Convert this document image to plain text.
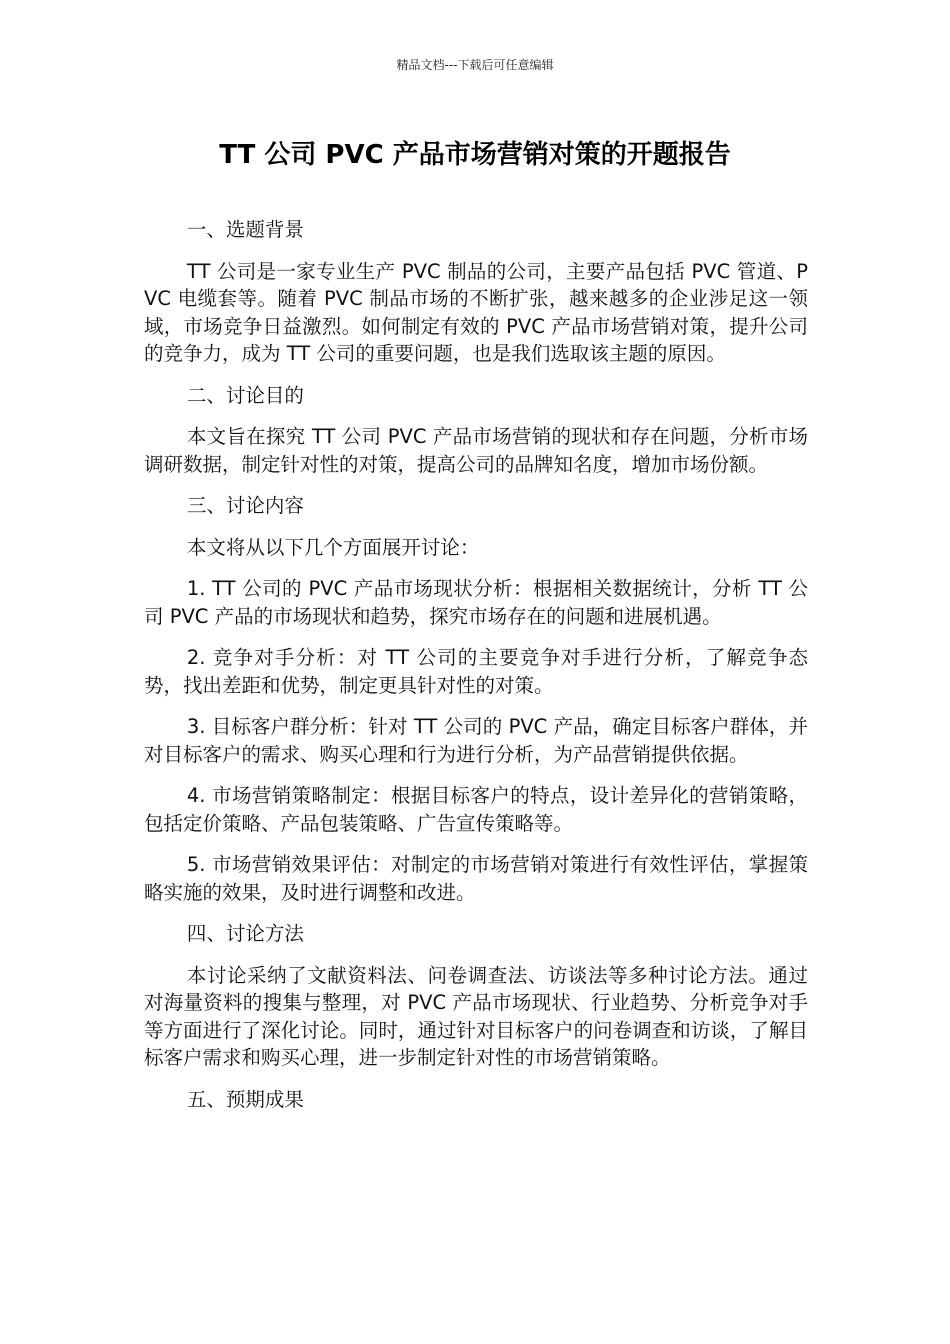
精品文档---下载后可任意编辑
TT 公司 PVC 产品市场营销对策的开题报告

一、选题背景

TT 公司是一家专业生产 PVC 制品的公司，主要产品包括 PVC 管道、PVC 电缆套等。随着 PVC 制品市场的不断扩张，越来越多的企业涉足这一领域，市场竞争日益激烈。如何制定有效的 PVC 产品市场营销对策，提升公司的竞争力，成为 TT 公司的重要问题，也是我们选取该主题的原因。

二、讨论目的

本文旨在探究 TT 公司 PVC 产品市场营销的现状和存在问题，分析市场调研数据，制定针对性的对策，提高公司的品牌知名度，增加市场份额。

三、讨论内容

本文将从以下几个方面展开讨论：

1. TT 公司的 PVC 产品市场现状分析：根据相关数据统计，分析 TT 公司 PVC 产品的市场现状和趋势，探究市场存在的问题和进展机遇。

2. 竞争对手分析：对 TT 公司的主要竞争对手进行分析，了解竞争态势，找出差距和优势，制定更具针对性的对策。

3. 目标客户群分析：针对 TT 公司的 PVC 产品，确定目标客户群体，并对目标客户的需求、购买心理和行为进行分析，为产品营销提供依据。

4. 市场营销策略制定：根据目标客户的特点，设计差异化的营销策略，包括定价策略、产品包装策略、广告宣传策略等。

5. 市场营销效果评估：对制定的市场营销对策进行有效性评估，掌握策略实施的效果，及时进行调整和改进。

四、讨论方法

本讨论采纳了文献资料法、问卷调查法、访谈法等多种讨论方法。通过对海量资料的搜集与整理，对 PVC 产品市场现状、行业趋势、分析竞争对手等方面进行了深化讨论。同时，通过针对目标客户的问卷调查和访谈，了解目标客户需求和购买心理，进一步制定针对性的市场营销策略。

五、预期成果
